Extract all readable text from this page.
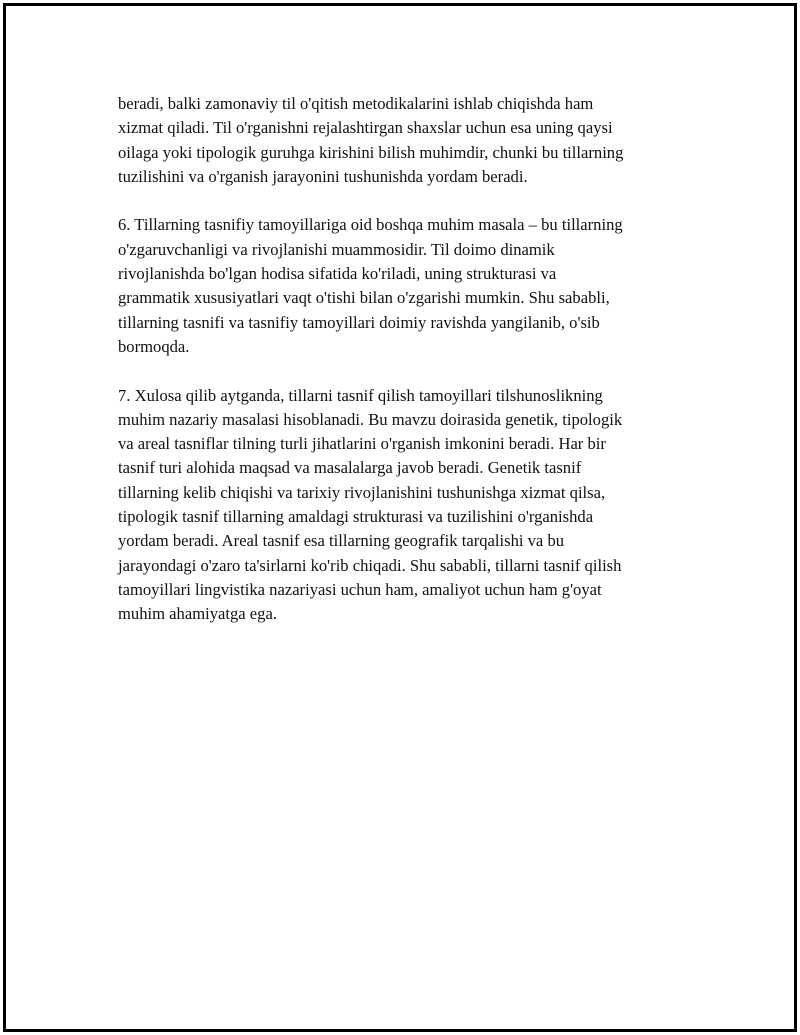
beradi, balki zamonaviy til o'qitish metodikalarini ishlab chiqishda ham
xizmat qiladi. Til o'rganishni rejalashtirgan shaxslar uchun esa uning qaysi
oilaga yoki tipologik guruhga kirishini bilish muhimdir, chunki bu tillarning
tuzilishini va o'rganish jarayonini tushunishda yordam beradi.

6. Tillarning tasnifiy tamoyillariga oid boshqa muhim masala – bu tillarning
o'zgaruvchanligi va rivojlanishi muammosidir. Til doimo dinamik
rivojlanishda bo'lgan hodisa sifatida ko'riladi, uning strukturasi va
grammatik xususiyatlari vaqt o'tishi bilan o'zgarishi mumkin. Shu sababli,
tillarning tasnifi va tasnifiy tamoyillari doimiy ravishda yangilanib, o'sib
bormoqda.

7. Xulosa qilib aytganda, tillarni tasnif qilish tamoyillari tilshunoslikning
muhim nazariy masalasi hisoblanadi. Bu mavzu doirasida genetik, tipologik
va areal tasniflar tilning turli jihatlarini o'rganish imkonini beradi. Har bir
tasnif turi alohida maqsad va masalalarga javob beradi. Genetik tasnif
tillarning kelib chiqishi va tarixiy rivojlanishini tushunishga xizmat qilsa,
tipologik tasnif tillarning amaldagi strukturasi va tuzilishini o'rganishda
yordam beradi. Areal tasnif esa tillarning geografik tarqalishi va bu
jarayondagi o'zaro ta'sirlarni ko'rib chiqadi. Shu sababli, tillarni tasnif qilish
tamoyillari lingvistika nazariyasi uchun ham, amaliyot uchun ham g'oyat
muhim ahamiyatga ega.
